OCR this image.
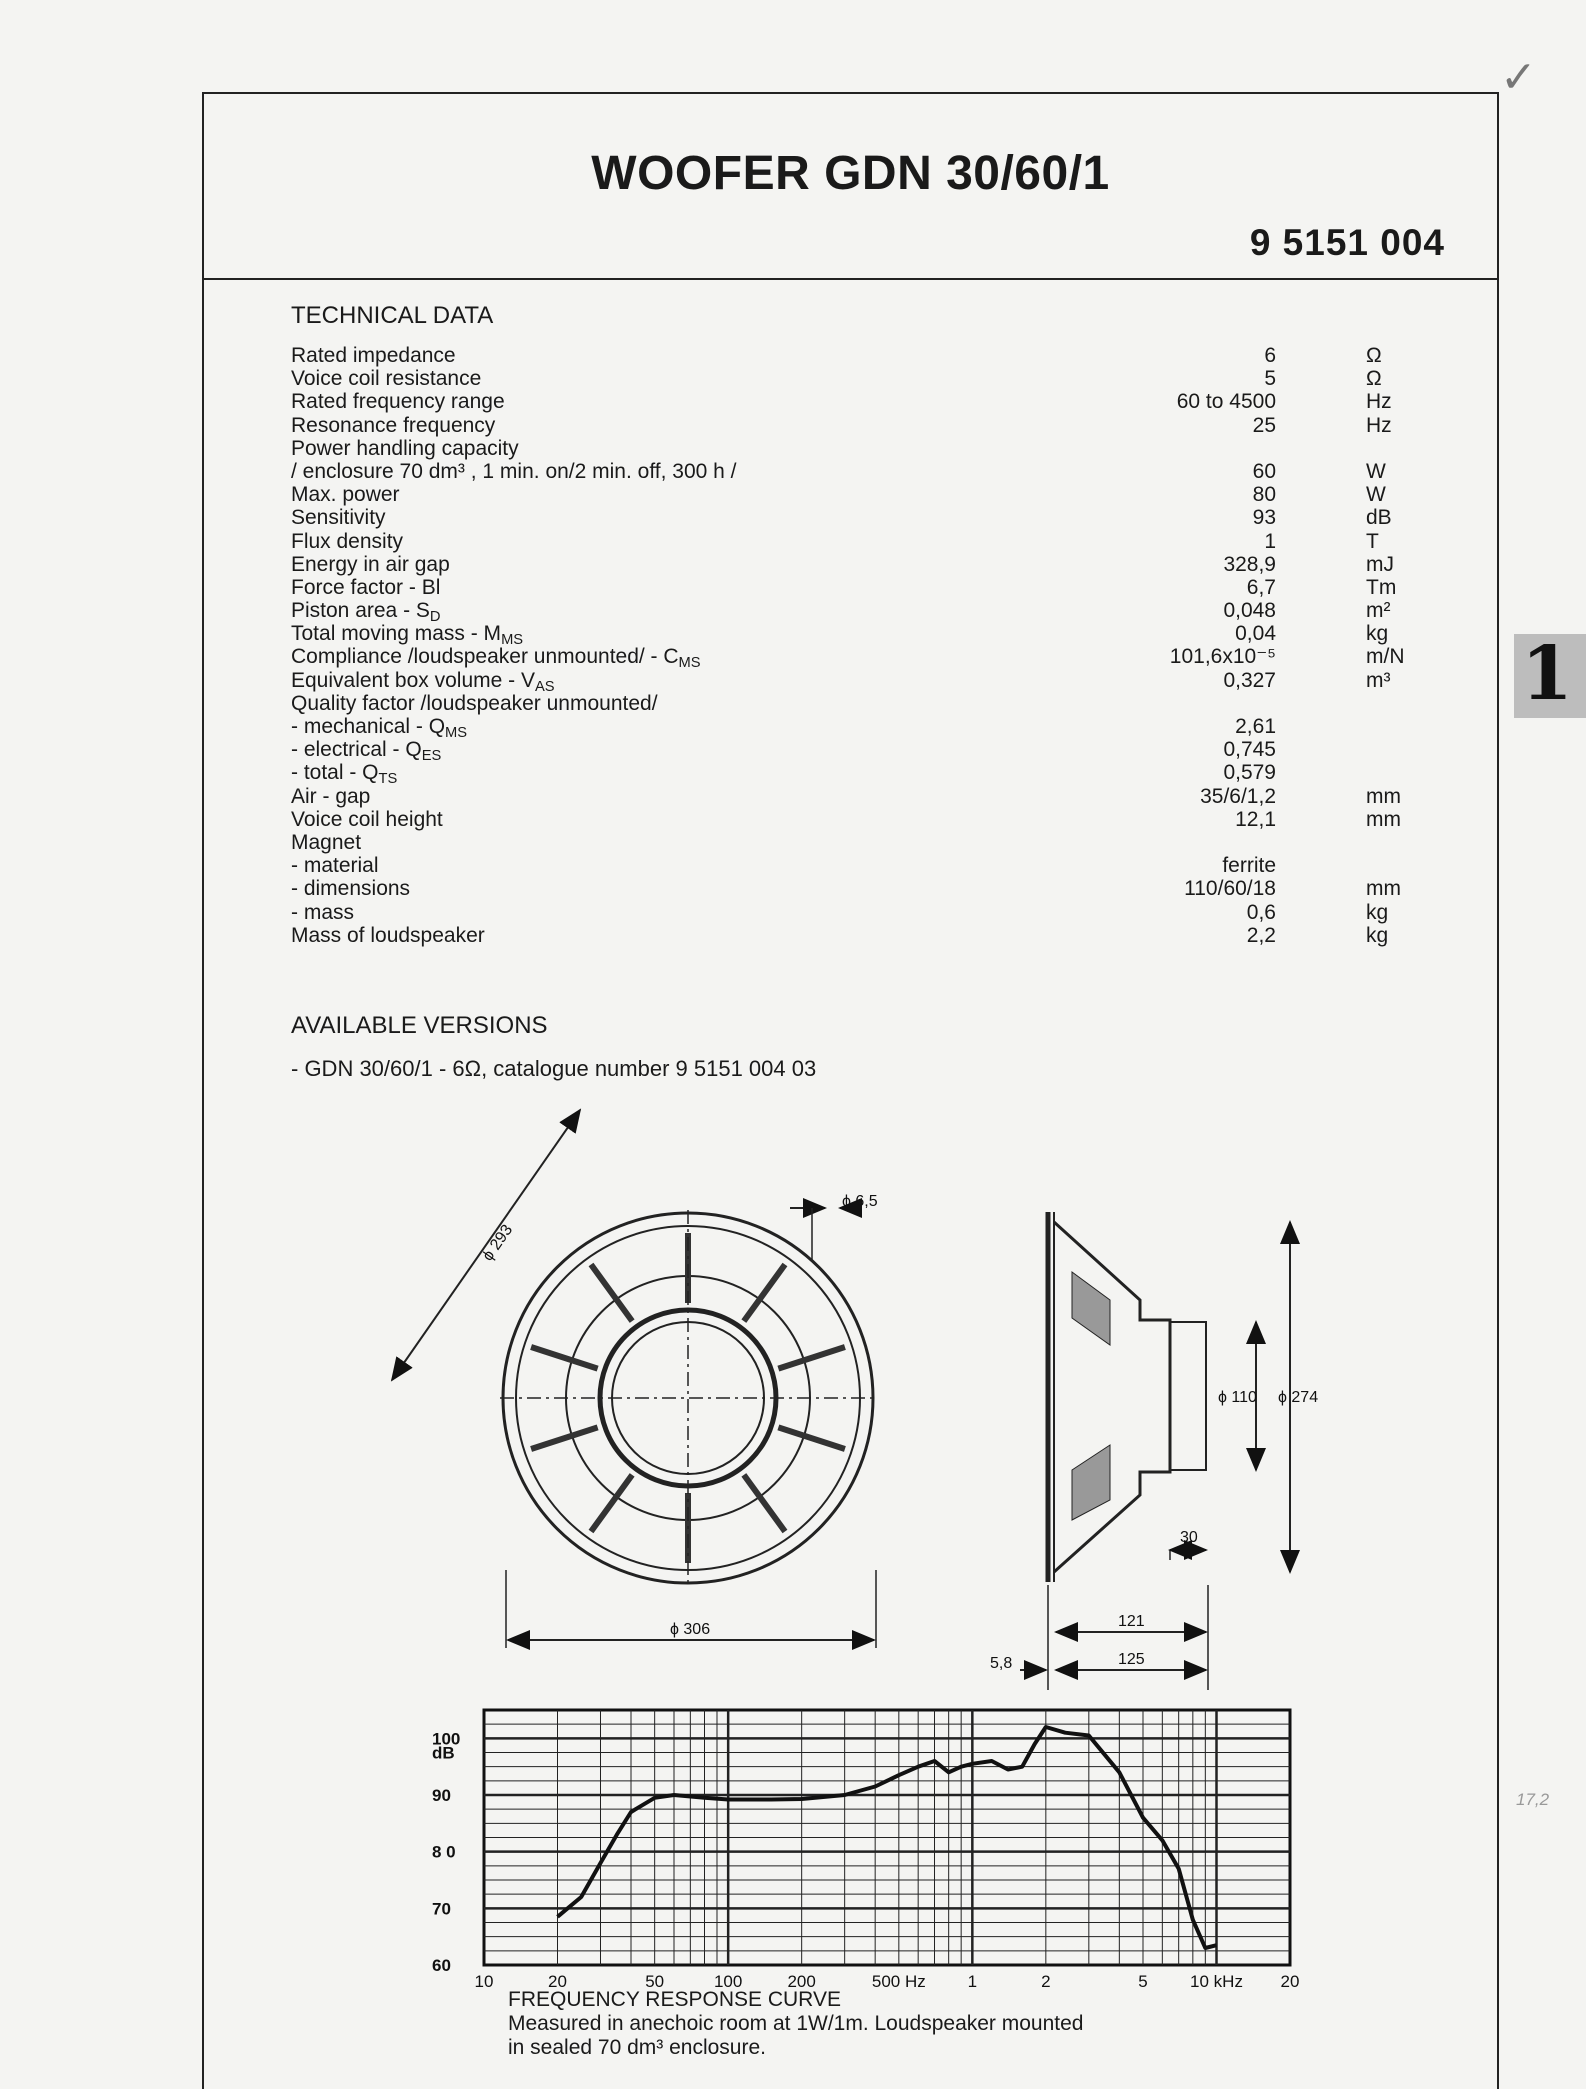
✓
17,2
1
WOOFER GDN 30/60/1
9 5151 004
TECHNICAL DATA
Rated impedance	6	Ω
Voice coil resistance	5	Ω
Rated frequency range	60 to 4500	Hz
Resonance frequency	25	Hz
Power handling capacity
/ enclosure 70 dm³ , 1 min. on/2 min. off, 300 h /	60	W
Max. power	80	W
Sensitivity	93	dB
Flux density	1	T
Energy in air gap	328,9	mJ
Force factor - Bl	6,7	Tm
Piston area - $S_D$	0,048	m²
Total moving mass - $M_{MS}$	0,04	kg
Compliance /loudspeaker unmounted/ - $C_{MS}$	101,6x10⁻⁵	m/N
Equivalent box volume - $V_{AS}$	0,327	m³
Quality factor /loudspeaker unmounted/
- mechanical - $Q_{MS}$	2,61
- electrical - $Q_{ES}$	0,745
- total - $Q_{TS}$	0,579
Air - gap	35/6/1,2	mm
Voice coil height	12,1	mm
Magnet
- material	ferrite
- dimensions	110/60/18	mm
- mass	0,6	kg
Mass of loudspeaker	2,2	kg
AVAILABLE VERSIONS
- GDN 30/60/1 - 6Ω, catalogue number 9 5151 004 03
ϕ 293
ϕ 6,5
ϕ 306
ϕ 110 ϕ 274
30
121
125
5,8
100
dB
90
8 0
70
60
10	20	50	100	200	500 Hz 1	2	5 10 kHz 20
FREQUENCY RESPONSE CURVE
Measured in anechoic room at 1W/1m. Loudspeaker mounted
in sealed 70 dm³ enclosure.
